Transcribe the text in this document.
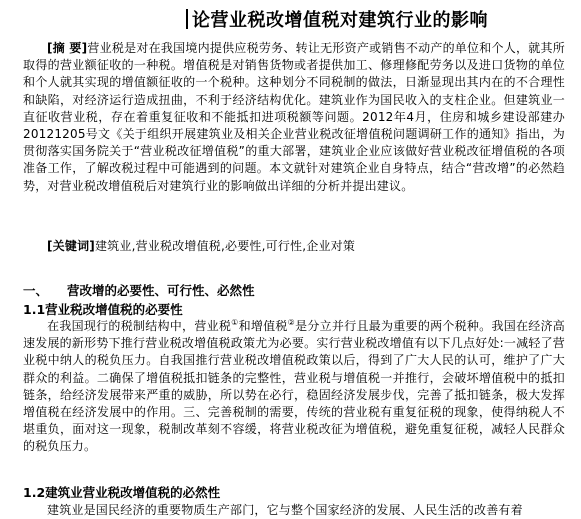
论营业税改增值税对建筑行业的影响
[摘 要]营业税是对在我国境内提供应税劳务、转让无形资产或销售不动产的单位和个人，就其所取得的营业额征收的一种税。增值税是对销售货物或者提供加工、修理修配劳务以及进口货物的单位和个人就其实现的增值额征收的一个税种。这种划分不同税制的做法，日渐显现出其内在的不合理性和缺陷，对经济运行造成扭曲，不利于经济结构优化。建筑业作为国民收入的支柱企业。但建筑业一直征收营业税，存在着重复征收和不能抵扣进项税额等问题。2012年4月，住房和城乡建设部建办20121205号文《关于组织开展建筑业及相关企业营业税改征增值税问题调研工作的通知》指出，为贯彻落实国务院关于“营业税改征增值税”的重大部署，建筑业企业应该做好营业税改征增值税的各项准备工作，了解改税过程中可能遇到的问题。本文就针对建筑企业自身特点，结合“营改增”的必然趋势，对营业税改增值税后对建筑行业的影响做出详细的分析并提出建议。
[关键词]建筑业,营业税改增值税,必要性,可行性,企业对策
一、 营改增的必要性、可行性、必然性
1.1营业税改增值税的必要性
在我国现行的税制结构中，营业税①和增值税②是分立并行且最为重要的两个税种。我国在经济高速发展的新形势下推行营业税改增值税政策尤为必要。实行营业税改增值有以下几点好处:一减轻了营业税中纳人的税负压力。自我国推行营业税改增值税政策以后，得到了广大人民的认可，维护了广大群众的利益。二确保了增值税抵扣链条的完整性，营业税与增值税一并推行，会破坏增值税中的抵扣链条，给经济发展带来严重的威胁，所以势在必行，稳固经济发展步伐，完善了抵扣链条，极大发挥增值税在经济发展中的作用。三、完善税制的需要，传统的营业税有重复征税的现象，使得纳税人不堪重负，面对这一现象，税制改革刻不容缓，将营业税改征为增值税，避免重复征税，减轻人民群众的税负压力。
1.2建筑业营业税改增值税的必然性
建筑业是国民经济的重要物质生产部门，它与整个国家经济的发展、人民生活的改善有着
